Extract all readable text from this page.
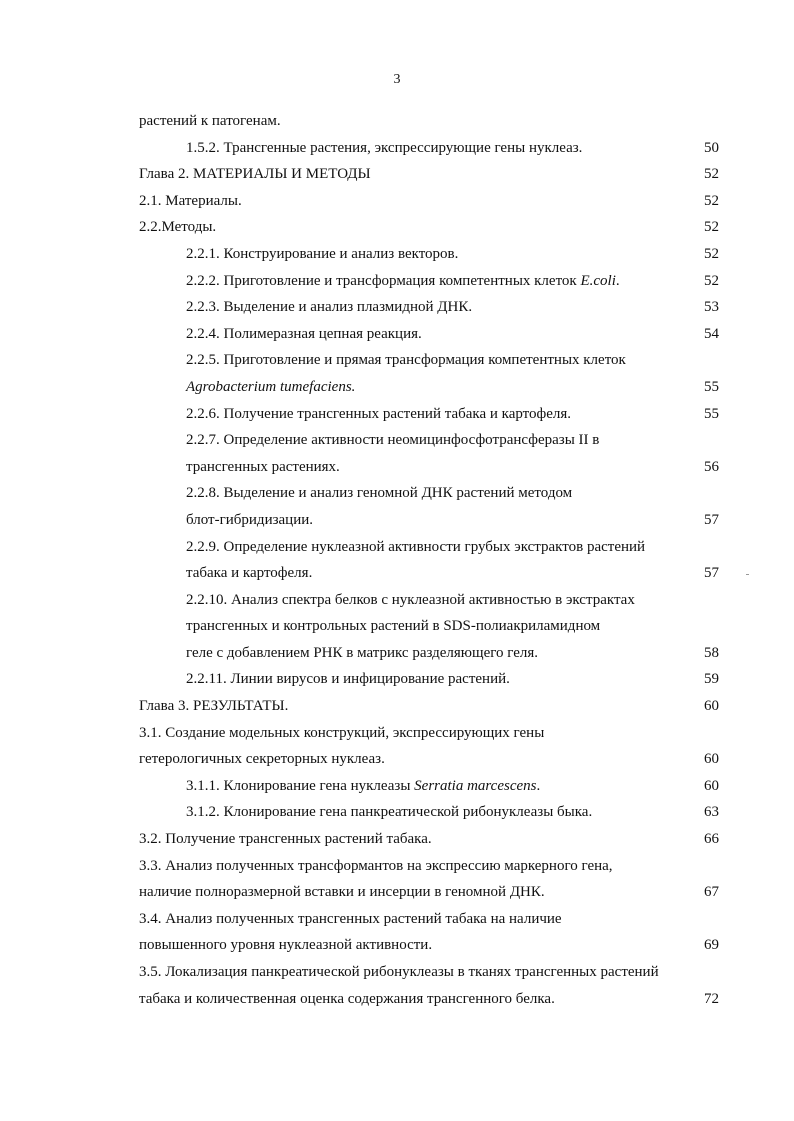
3
растений к патогенам.
1.5.2. Трансгенные растения, экспрессирующие гены нуклеаз.	50
Глава 2. МАТЕРИАЛЫ И МЕТОДЫ	52
2.1. Материалы.	52
2.2.Методы.	52
2.2.1. Конструирование и анализ векторов.	52
2.2.2. Приготовление и трансформация компетентных клеток E.coli.	52
2.2.3. Выделение и анализ плазмидной ДНК.	53
2.2.4. Полимеразная цепная реакция.	54
2.2.5. Приготовление и прямая трансформация компетентных клеток
Agrobacterium tumefaciens.	55
2.2.6. Получение трансгенных растений табака и картофеля.	55
2.2.7. Определение активности неомицинфосфотрансферазы II в
трансгенных растениях.	56
2.2.8. Выделение и анализ геномной ДНК растений методом
блот-гибридизации.	57
2.2.9. Определение нуклеазной активности грубых экстрактов растений
табака и картофеля.	57
2.2.10. Анализ спектра белков с нуклеазной активностью в экстрактах
трансгенных и контрольных растений в SDS-полиакриламидном
геле с добавлением РНК в матрикс разделяющего геля.	58
2.2.11. Линии вирусов и инфицирование растений.	59
Глава 3. РЕЗУЛЬТАТЫ.	60
3.1. Создание модельных конструкций, экспрессирующих гены
гетерологичных секреторных нуклеаз.	60
3.1.1. Клонирование гена нуклеазы Serratia marcescens.	60
3.1.2. Клонирование гена панкреатической рибонуклеазы быка.	63
3.2. Получение трансгенных растений табака.	66
3.3. Анализ полученных трансформантов на экспрессию маркерного гена,
наличие полноразмерной вставки и инсерции в геномной ДНК.	67
3.4. Анализ полученных трансгенных растений табака на наличие
повышенного уровня нуклеазной активности.	69
3.5. Локализация панкреатической рибонуклеазы в тканях трансгенных растений
табака и количественная оценка содержания трансгенного белка.	72
